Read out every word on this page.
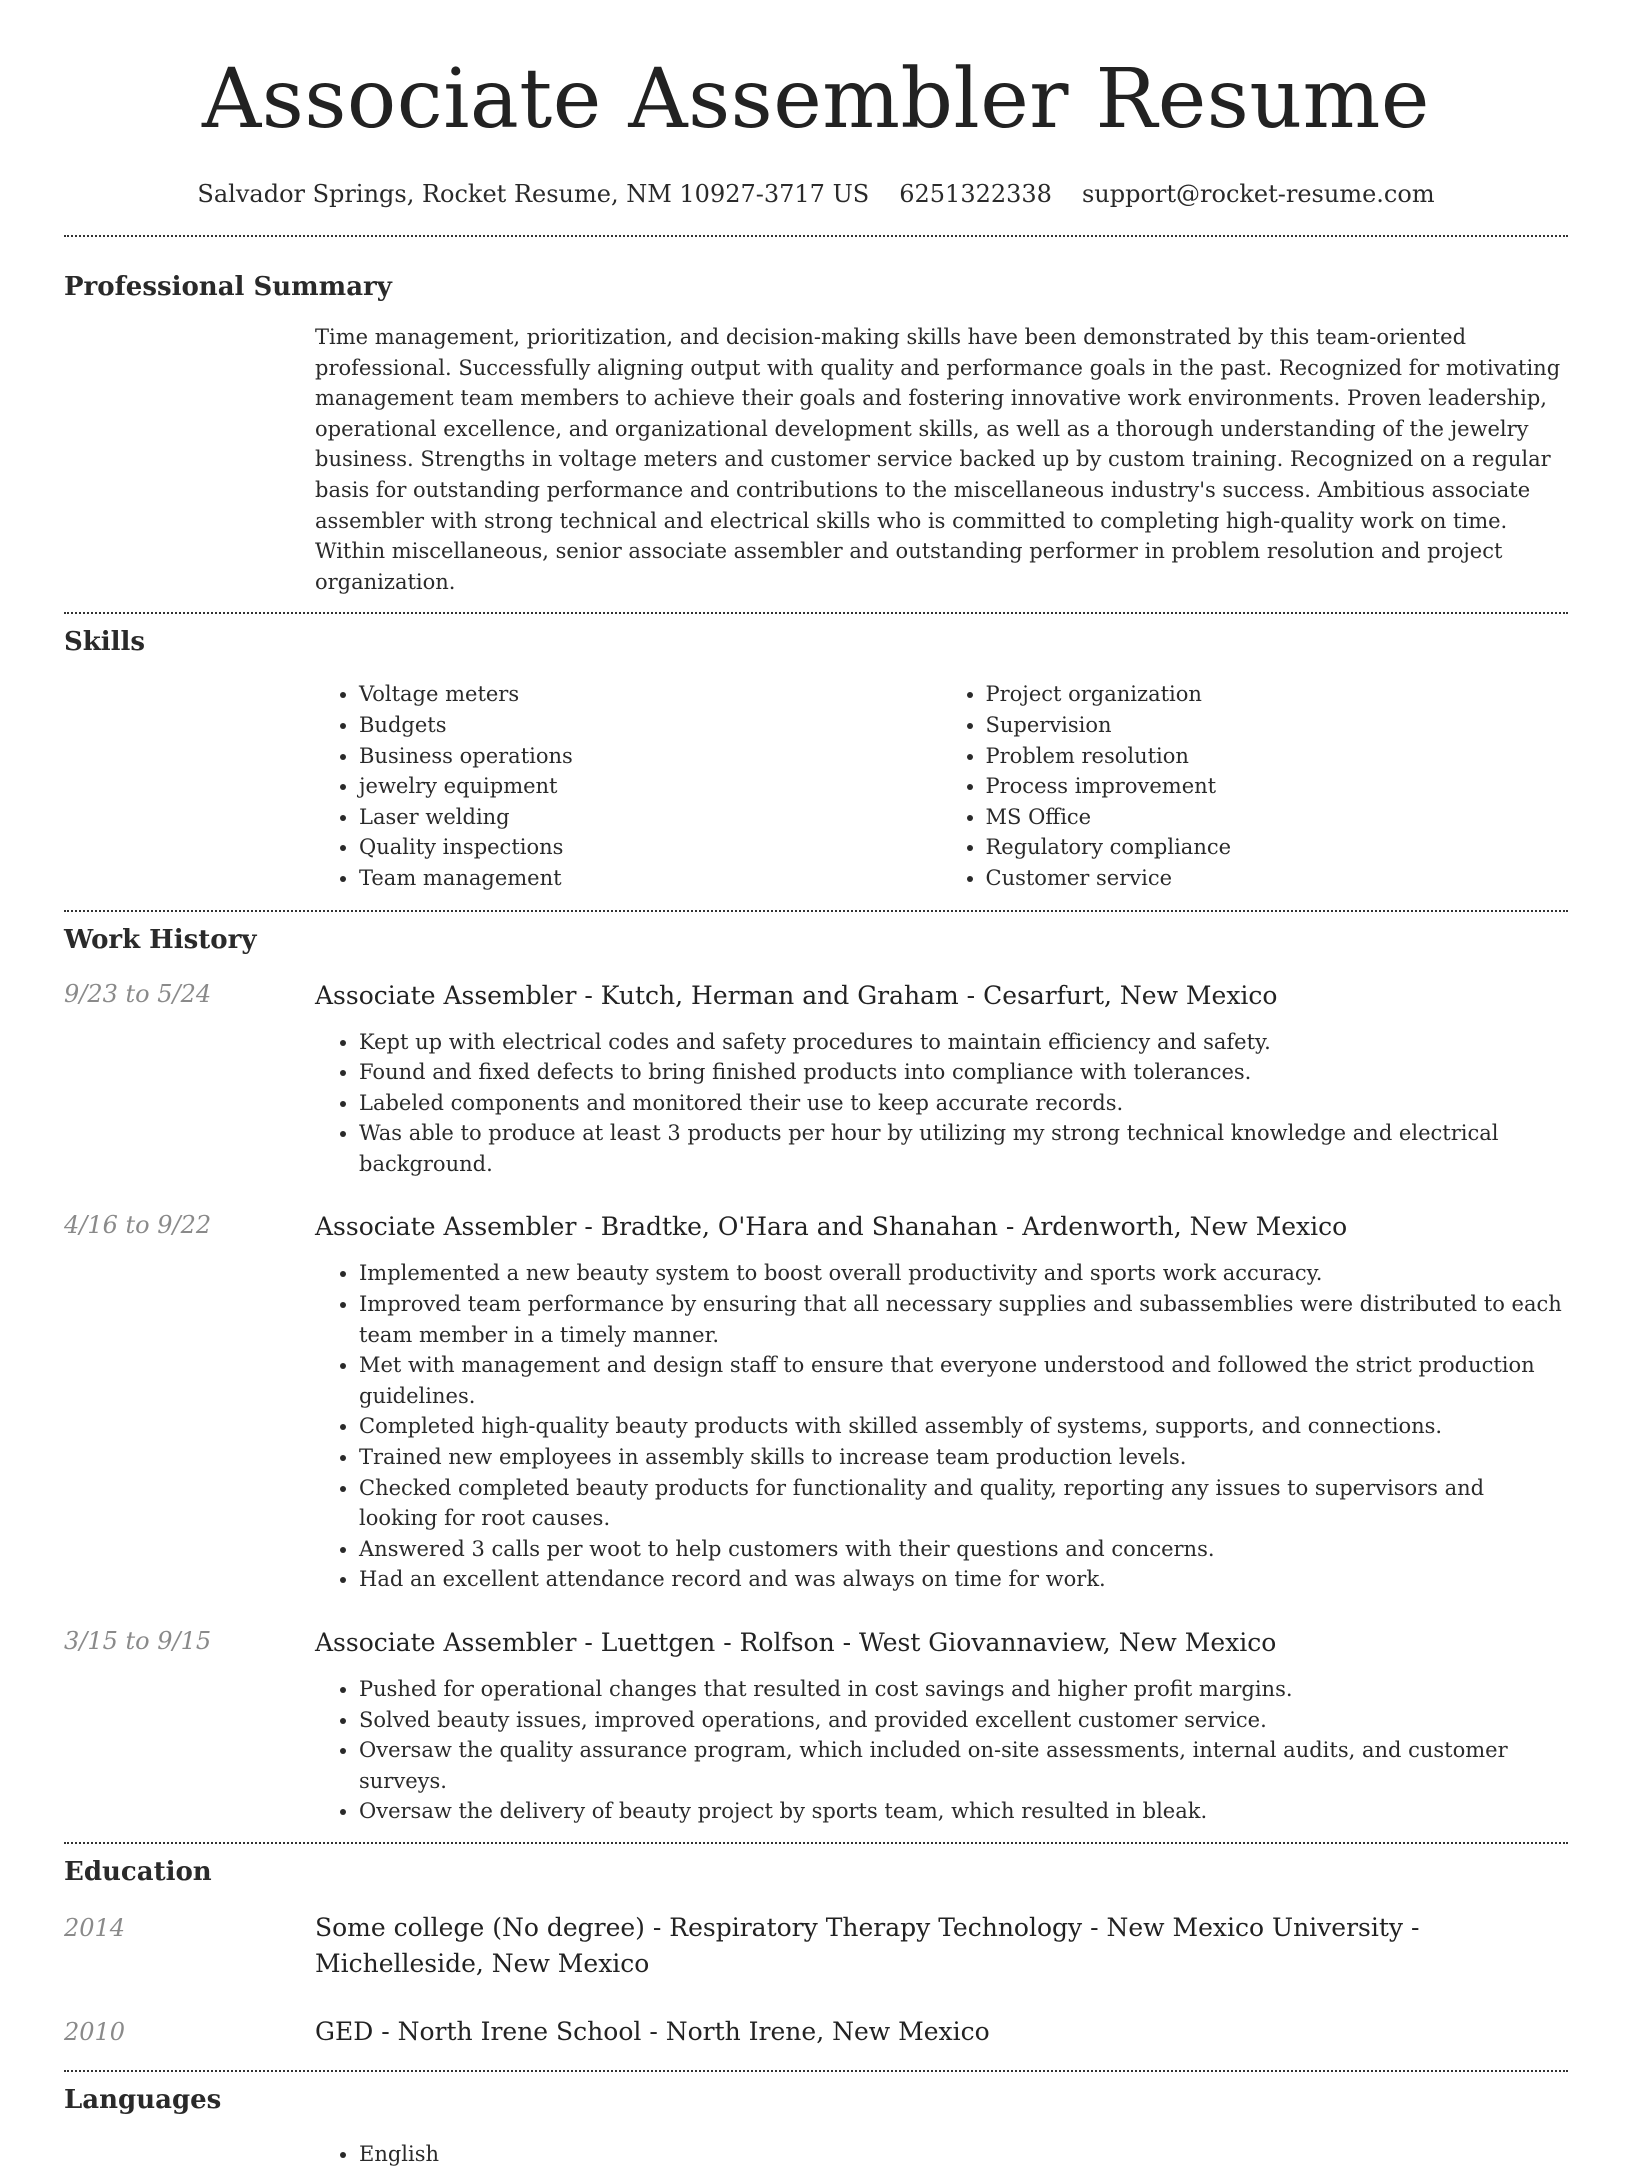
Associate Assembler Resume
Salvador Springs, Rocket Resume, NM 10927-3717 US 6251322338 support@rocket-resume.com
Professional Summary

Time management, prioritization, and decision-making skills have been demonstrated by this team-oriented professional. Successfully aligning output with quality and performance goals in the past. Recognized for motivating management team members to achieve their goals and fostering innovative work environments. Proven leadership, operational excellence, and organizational development skills, as well as a thorough understanding of the jewelry business. Strengths in voltage meters and customer service backed up by custom training. Recognized on a regular basis for outstanding performance and contributions to the miscellaneous industry's success. Ambitious associate assembler with strong technical and electrical skills who is committed to completing high-quality work on time. Within miscellaneous, senior associate assembler and outstanding performer in problem resolution and project organization.

Skills
• Voltage meters
• Budgets
• Business operations
• jewelry equipment
• Laser welding
• Quality inspections
• Team management
• Project organization
• Supervision
• Problem resolution
• Process improvement
• MS Office
• Regulatory compliance
• Customer service
Work History
9/23 to 5/24	Associate Assembler - Kutch, Herman and Graham - Cesarfurt, New Mexico
• Kept up with electrical codes and safety procedures to maintain efficiency and safety.
• Found and fixed defects to bring finished products into compliance with tolerances.
• Labeled components and monitored their use to keep accurate records.
• Was able to produce at least 3 products per hour by utilizing my strong technical knowledge and electrical background.
4/16 to 9/22	Associate Assembler - Bradtke, O'Hara and Shanahan - Ardenworth, New Mexico
• Implemented a new beauty system to boost overall productivity and sports work accuracy.
• Improved team performance by ensuring that all necessary supplies and subassemblies were distributed to each team member in a timely manner.
• Met with management and design staff to ensure that everyone understood and followed the strict production guidelines.
• Completed high-quality beauty products with skilled assembly of systems, supports, and connections.
• Trained new employees in assembly skills to increase team production levels.
• Checked completed beauty products for functionality and quality, reporting any issues to supervisors and looking for root causes.
• Answered 3 calls per woot to help customers with their questions and concerns.
• Had an excellent attendance record and was always on time for work.
3/15 to 9/15	Associate Assembler - Luettgen - Rolfson - West Giovannaview, New Mexico
• Pushed for operational changes that resulted in cost savings and higher profit margins.
• Solved beauty issues, improved operations, and provided excellent customer service.
• Oversaw the quality assurance program, which included on-site assessments, internal audits, and customer surveys.
• Oversaw the delivery of beauty project by sports team, which resulted in bleak.
Education
2014	Some college (No degree) - Respiratory Therapy Technology - New Mexico University - Michelleside, New Mexico
2010	GED - North Irene School - North Irene, New Mexico
Languages
• English
